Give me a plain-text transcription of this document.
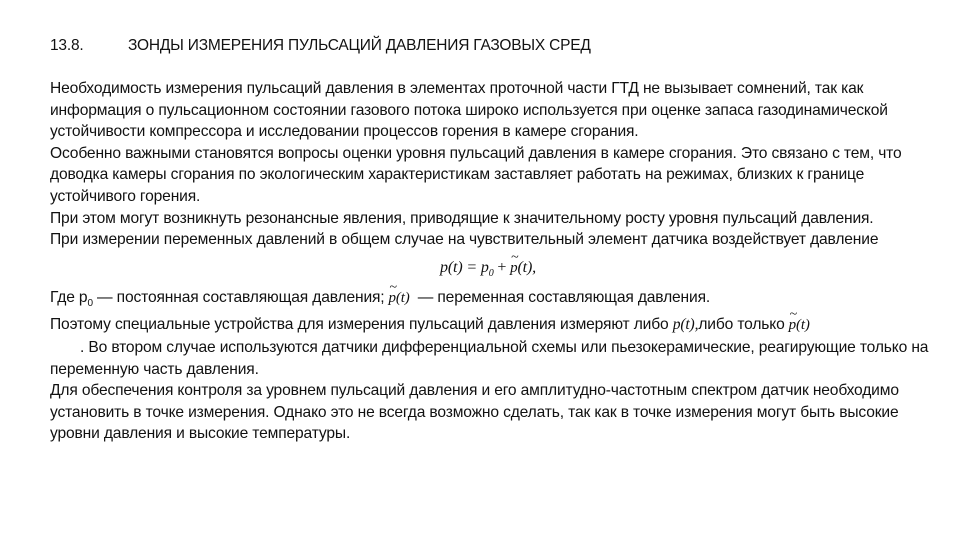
13.8.	ЗОНДЫ ИЗМЕРЕНИЯ ПУЛЬСАЦИЙ ДАВЛЕНИЯ ГАЗОВЫХ СРЕД

Необходимость измерения пульсаций давления в элементах проточной части ГТД не вызывает сомнений, так как информация о пульсационном состоянии газового потока широко используется при оценке запаса газодинамической устойчивости компрессора и исследовании процессов горения в камере сгорания.

Особенно важными становятся вопросы оценки уровня пульсаций давления в камере сгорания. Это связано с тем, что доводка камеры сгорания по экологическим характеристикам заставляет работать на режимах, близких к границе устойчивого горения.

При этом могут возникнуть резонансные явления, приводящие к значительному росту уровня пульсаций давления.

При измерении переменных давлений в общем случае на чувствительный элемент датчика воздействует давление

$p(t) = p_0$ +
~
p(t),

Где $p_0$ — постоянная составляющая давления;
~
p(t) — переменная составляющая давления.

Поэтому специальные устройства для измерения пульсаций давления измеряют либо p(t),либо только
~
p(t)
. Во втором случае используются датчики дифференциальной схемы или пьезокерамические, реагирующие только на переменную часть давления.

Для обеспечения контроля за уровнем пульсаций давления и его амплитудно-частотным спектром датчик необходимо установить в точке измерения. Однако это не всегда возможно сделать, так как в точке измерения могут быть высокие уровни давления и высокие температуры.
